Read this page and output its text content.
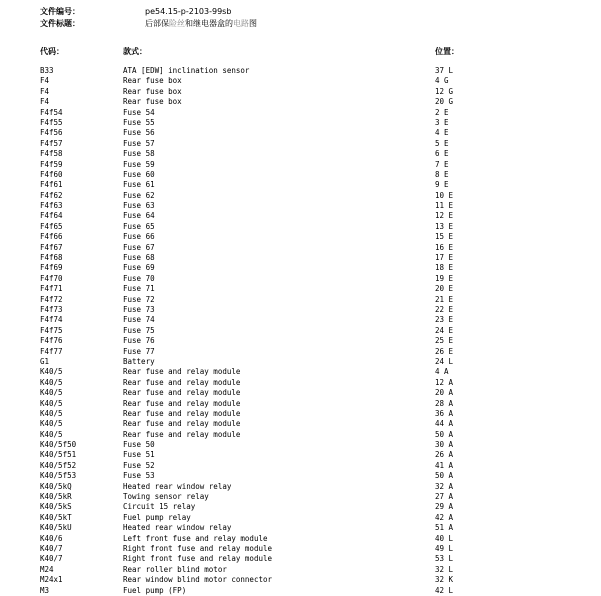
文件编号：	pe54.15-p-2103-99sb
文件标题：	后部保险丝和继电器盒的电路图
代码：	款式：	位置：
B33	ATA [EDW] inclination sensor	37 L
F4	Rear fuse box	4 G
F4	Rear fuse box	12 G
F4	Rear fuse box	20 G
F4f54	Fuse 54	2 E
F4f55	Fuse 55	3 E
F4f56	Fuse 56	4 E
F4f57	Fuse 57	5 E
F4f58	Fuse 58	6 E
F4f59	Fuse 59	7 E
F4f60	Fuse 60	8 E
F4f61	Fuse 61	9 E
F4f62	Fuse 62	10 E
F4f63	Fuse 63	11 E
F4f64	Fuse 64	12 E
F4f65	Fuse 65	13 E
F4f66	Fuse 66	15 E
F4f67	Fuse 67	16 E
F4f68	Fuse 68	17 E
F4f69	Fuse 69	18 E
F4f70	Fuse 70	19 E
F4f71	Fuse 71	20 E
F4f72	Fuse 72	21 E
F4f73	Fuse 73	22 E
F4f74	Fuse 74	23 E
F4f75	Fuse 75	24 E
F4f76	Fuse 76	25 E
F4f77	Fuse 77	26 E
G1	Battery	24 L
K40/5	Rear fuse and relay module	4 A
K40/5	Rear fuse and relay module	12 A
K40/5	Rear fuse and relay module	20 A
K40/5	Rear fuse and relay module	28 A
K40/5	Rear fuse and relay module	36 A
K40/5	Rear fuse and relay module	44 A
K40/5	Rear fuse and relay module	50 A
K40/5f50	Fuse 50	30 A
K40/5f51	Fuse 51	26 A
K40/5f52	Fuse 52	41 A
K40/5f53	Fuse 53	50 A
K40/5kQ	Heated rear window relay	32 A
K40/5kR	Towing sensor relay	27 A
K40/5kS	Circuit 15 relay	29 A
K40/5kT	Fuel pump relay	42 A
K40/5kU	Heated rear window relay	51 A
K40/6	Left front fuse and relay module	40 L
K40/7	Right front fuse and relay module	49 L
K40/7	Right front fuse and relay module	53 L
M24	Rear roller blind motor	32 L
M24x1	Rear window blind motor connector	32 K
M3	Fuel pump (FP)	42 L
